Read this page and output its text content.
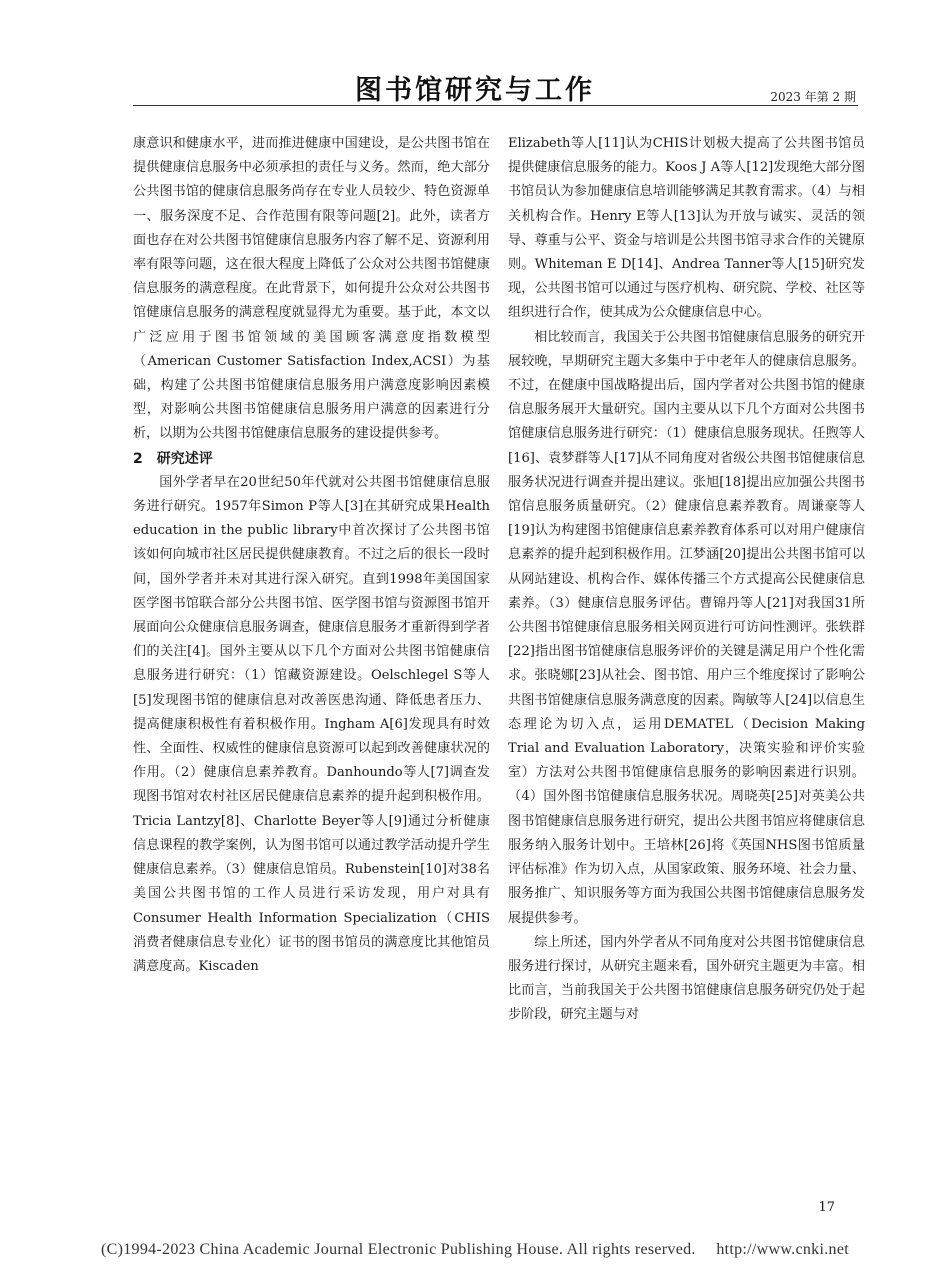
图书馆研究与工作	2023 年第 2 期

康意识和健康水平，进而推进健康中国建设，是公共图书馆在提供健康信息服务中必须承担的责任与义务。然而，绝大部分公共图书馆的健康信息服务尚存在专业人员较少、特色资源单一、服务深度不足、合作范围有限等问题[2]。此外，读者方面也存在对公共图书馆健康信息服务内容了解不足、资源利用率有限等问题，这在很大程度上降低了公众对公共图书馆健康信息服务的满意程度。在此背景下，如何提升公众对公共图书馆健康信息服务的满意程度就显得尤为重要。基于此，本文以广泛应用于图书馆领域的美国顾客满意度指数模型（American Customer Satisfaction Index,ACSI）为基础，构建了公共图书馆健康信息服务用户满意度影响因素模型，对影响公共图书馆健康信息服务用户满意的因素进行分析，以期为公共图书馆健康信息服务的建设提供参考。

2　研究述评

国外学者早在20世纪50年代就对公共图书馆健康信息服务进行研究。1957年Simon P等人[3]在其研究成果Health education in the public library中首次探讨了公共图书馆该如何向城市社区居民提供健康教育。不过之后的很长一段时间，国外学者并未对其进行深入研究。直到1998年美国国家医学图书馆联合部分公共图书馆、医学图书馆与资源图书馆开展面向公众健康信息服务调查，健康信息服务才重新得到学者们的关注[4]。国外主要从以下几个方面对公共图书馆健康信息服务进行研究：（1）馆藏资源建设。Oelschlegel S等人[5]发现图书馆的健康信息对改善医患沟通、降低患者压力、提高健康积极性有着积极作用。Ingham A[6]发现具有时效性、全面性、权威性的健康信息资源可以起到改善健康状况的作用。（2）健康信息素养教育。Danhoundo等人[7]调查发现图书馆对农村社区居民健康信息素养的提升起到积极作用。Tricia Lantzy[8]、Charlotte Beyer等人[9]通过分析健康信息课程的教学案例，认为图书馆可以通过教学活动提升学生健康信息素养。（3）健康信息馆员。Rubenstein[10]对38名美国公共图书馆的工作人员进行采访发现，用户对具有Consumer Health Information Specialization（CHIS消费者健康信息专业化）证书的图书馆员的满意度比其他馆员满意度高。Kiscaden

Elizabeth等人[11]认为CHIS计划极大提高了公共图书馆员提供健康信息服务的能力。Koos J A等人[12]发现绝大部分图书馆员认为参加健康信息培训能够满足其教育需求。（4）与相关机构合作。Henry E等人[13]认为开放与诚实、灵活的领导、尊重与公平、资金与培训是公共图书馆寻求合作的关键原则。Whiteman E D[14]、Andrea Tanner等人[15]研究发现，公共图书馆可以通过与医疗机构、研究院、学校、社区等组织进行合作，使其成为公众健康信息中心。

相比较而言，我国关于公共图书馆健康信息服务的研究开展较晚，早期研究主题大多集中于中老年人的健康信息服务。不过，在健康中国战略提出后，国内学者对公共图书馆的健康信息服务展开大量研究。国内主要从以下几个方面对公共图书馆健康信息服务进行研究：（1）健康信息服务现状。任煦等人[16]、袁梦群等人[17]从不同角度对省级公共图书馆健康信息服务状况进行调查并提出建议。张旭[18]提出应加强公共图书馆信息服务质量研究。（2）健康信息素养教育。周谦豪等人[19]认为构建图书馆健康信息素养教育体系可以对用户健康信息素养的提升起到积极作用。江梦涵[20]提出公共图书馆可以从网站建设、机构合作、媒体传播三个方式提高公民健康信息素养。（3）健康信息服务评估。曹锦丹等人[21]对我国31所公共图书馆健康信息服务相关网页进行可访问性测评。张轶群[22]指出图书馆健康信息服务评价的关键是满足用户个性化需求。张晓娜[23]从社会、图书馆、用户三个维度探讨了影响公共图书馆健康信息服务满意度的因素。陶敏等人[24]以信息生态理论为切入点，运用DEMATEL（Decision Making Trial and Evaluation Laboratory，决策实验和评价实验室）方法对公共图书馆健康信息服务的影响因素进行识别。（4）国外图书馆健康信息服务状况。周晓英[25]对英美公共图书馆健康信息服务进行研究，提出公共图书馆应将健康信息服务纳入服务计划中。王培林[26]将《英国NHS图书馆质量评估标准》作为切入点，从国家政策、服务环境、社会力量、服务推广、知识服务等方面为我国公共图书馆健康信息服务发展提供参考。

综上所述，国内外学者从不同角度对公共图书馆健康信息服务进行探讨，从研究主题来看，国外研究主题更为丰富。相比而言，当前我国关于公共图书馆健康信息服务研究仍处于起步阶段，研究主题与对

17
(C)1994-2023 China Academic Journal Electronic Publishing House. All rights reserved.　 http://www.cnki.net
